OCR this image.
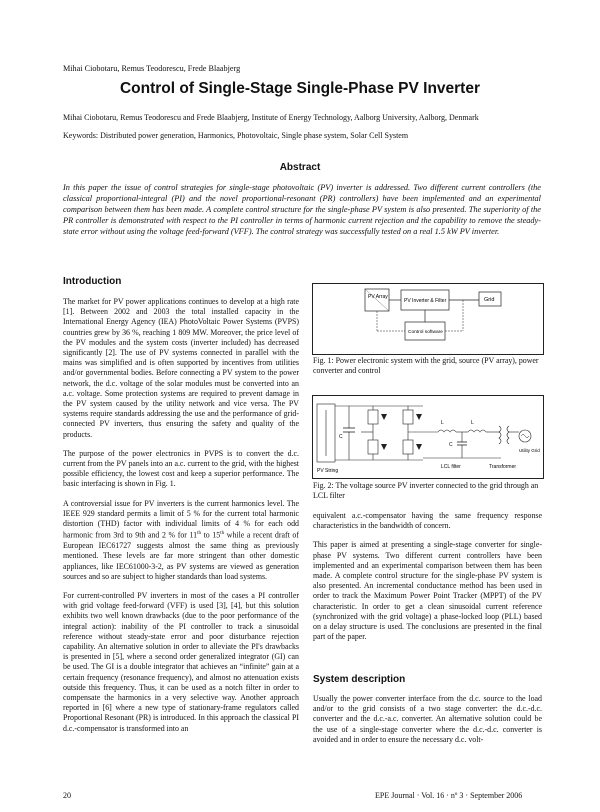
Mihai Ciobotaru, Remus Teodorescu, Frede Blaabjerg
Control of Single-Stage Single-Phase PV Inverter
Mihai Ciobotaru, Remus Teodorescu and Frede Blaabjerg, Institute of Energy Technology, Aalborg University, Aalborg, Denmark
Keywords: Distributed power generation, Harmonics, Photovoltaic, Single phase system, Solar Cell System
Abstract
In this paper the issue of control strategies for single-stage photovoltaic (PV) inverter is addressed. Two different current controllers (the classical proportional-integral (PI) and the novel proportional-resonant (PR) controllers) have been implemented and an experimental comparison between them has been made. A complete control structure for the single-phase PV system is also presented. The superiority of the PR controller is demonstrated with respect to the PI controller in terms of harmonic current rejection and the capability to remove the steady-state error without using the voltage feed-forward (VFF). The control strategy was successfully tested on a real 1.5 kW PV inverter.
Introduction

The market for PV power applications continues to develop at a high rate [1]. Between 2002 and 2003 the total installed capacity in the International Energy Agency (IEA) PhotoVoltaic Power Systems (PVPS) countries grew by 36 %, reaching 1 809 MW. Moreover, the price level of the PV modules and the system costs (inverter included) has decreased significantly [2]. The use of PV systems connected in parallel with the mains was simplified and is often supported by incentives from utilities and/or governmental bodies. Before connecting a PV system to the power network, the d.c. voltage of the solar modules must be converted into an a.c. voltage. Some protection systems are required to prevent damage in the PV system caused by the utility network and vice versa. The PV systems require standards addressing the use and the performance of grid-connected PV inverters, thus ensuring the safety and quality of the products.

The purpose of the power electronics in PVPS is to convert the d.c. current from the PV panels into an a.c. current to the grid, with the highest possible efficiency, the lowest cost and keep a superior performance. The basic interfacing is shown in Fig. 1.

A controversial issue for PV inverters is the current harmonics level. The IEEE 929 standard permits a limit of 5 % for the current total harmonic distortion (THD) factor with individual limits of 4 % for each odd harmonic from 3rd to 9th and 2 % for 11th to 15th while a recent draft of European IEC61727 suggests almost the same thing as previously mentioned. These levels are far more stringent than other domestic appliances, like IEC61000-3-2, as PV systems are viewed as generation sources and so are subject to higher standards than load systems.

For current-controlled PV inverters in most of the cases a PI controller with grid voltage feed-forward (VFF) is used [3], [4], but this solution exhibits two well known drawbacks (due to the poor performance of the integral action): inability of the PI controller to track a sinusoidal reference without steady-state error and poor disturbance rejection capability. An alternative solution in order to alleviate the PI's drawbacks is presented in [5], where a second order generalized integrator (GI) can be used. The GI is a double integrator that achieves an “infinite” gain at a certain frequency (resonance frequency), and almost no attenuation exists outside this frequency. Thus, it can be used as a notch filter in order to compensate the harmonics in a very selective way. Another approach reported in [6] where a new type of stationary-frame regulators called Proportional Resonant (PR) is introduced. In this approach the classical PI d.c.-compensator is transformed into an

PV Array
PV Inverter & Filter	Grid
Control software
Fig. 1: Power electronic system with the grid, source (PV array), power converter and control
PV String
C
L	L
C
LCL filter	Transformer
Utility Grid
Fig. 2: The voltage source PV inverter connected to the grid through an LCL filter

equivalent a.c.-compensator having the same frequency response characteristics in the bandwidth of concern.

This paper is aimed at presenting a single-stage converter for single-phase PV systems. Two different current controllers have been implemented and an experimental comparison between them has been made. A complete control structure for the single-phase PV system is also presented. An incremental conductance method has been used in order to track the Maximum Power Point Tracker (MPPT) of the PV characteristic. In order to get a clean sinusoidal current reference (synchronized with the grid voltage) a phase-locked loop (PLL) based on a delay structure is used. The conclusions are presented in the final part of the paper.

System description

Usually the power converter interface from the d.c. source to the load and/or to the grid consists of a two stage converter: the d.c.-d.c. converter and the d.c.-a.c. converter. An alternative solution could be the use of a single-stage converter where the d.c.-d.c. converter is avoided and in order to ensure the necessary d.c. volt-

20	EPE Journal · Vol. 16 · nº 3 · September 2006
